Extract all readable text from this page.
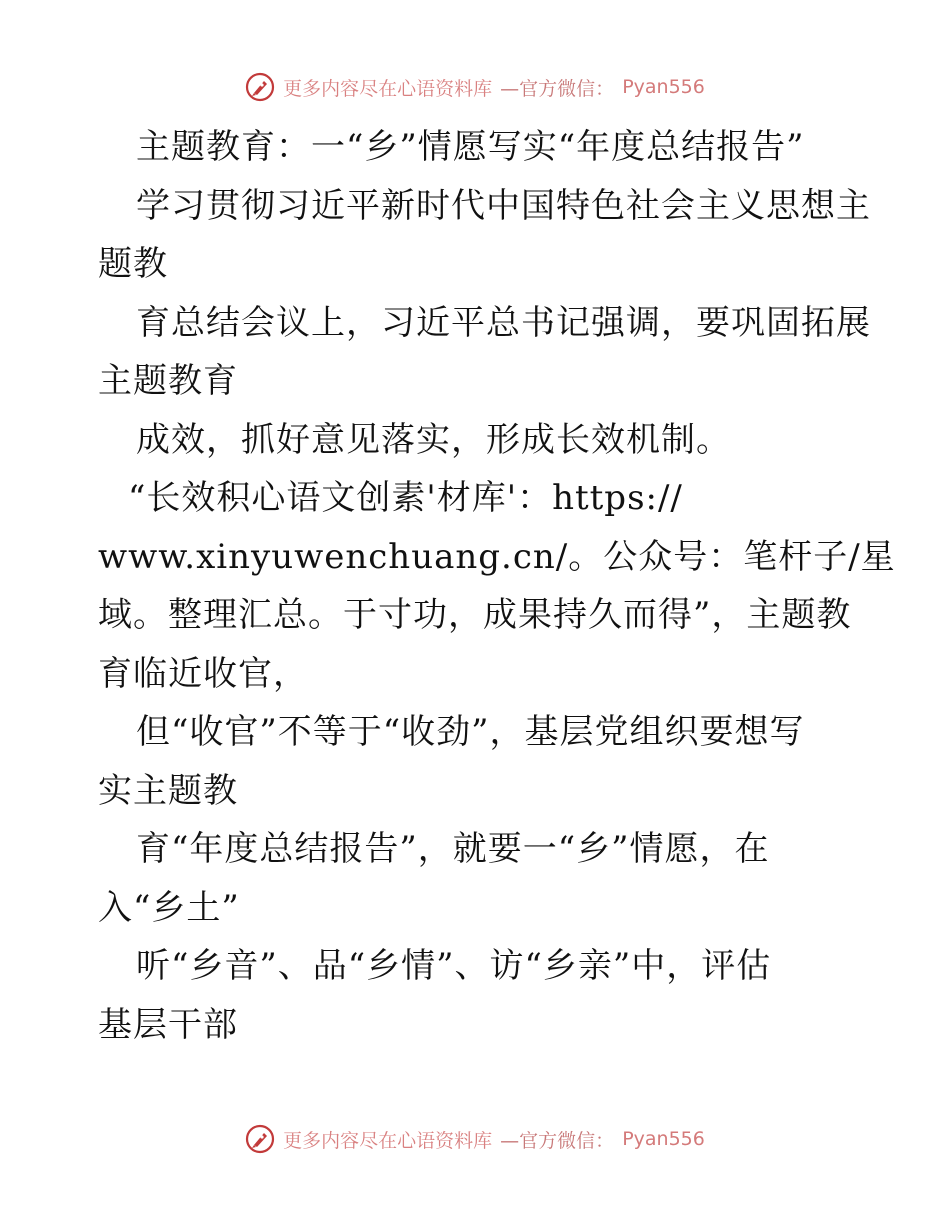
更多内容尽在心语资料库 —官方微信： Pyan556
主题教育：一“乡”情愿写实“年度总结报告”
学习贯彻习近平新时代中国特色社会主义思想主
题教
育总结会议上，习近平总书记强调，要巩固拓展
主题教育
成效，抓好意见落实，形成长效机制。
“长效积心语文创素'材库'：https://
www.xinyuwenchuang.cn/。公众号：笔杆子/星
域。整理汇总。于寸功，成果持久而得”，主题教
育临近收官，
但“收官”不等于“收劲”，基层党组织要想写
实主题教
育“年度总结报告”，就要一“乡”情愿，在
入“乡土”
听“乡音”、品“乡情”、访“乡亲”中，评估
基层干部
更多内容尽在心语资料库 —官方微信： Pyan556
